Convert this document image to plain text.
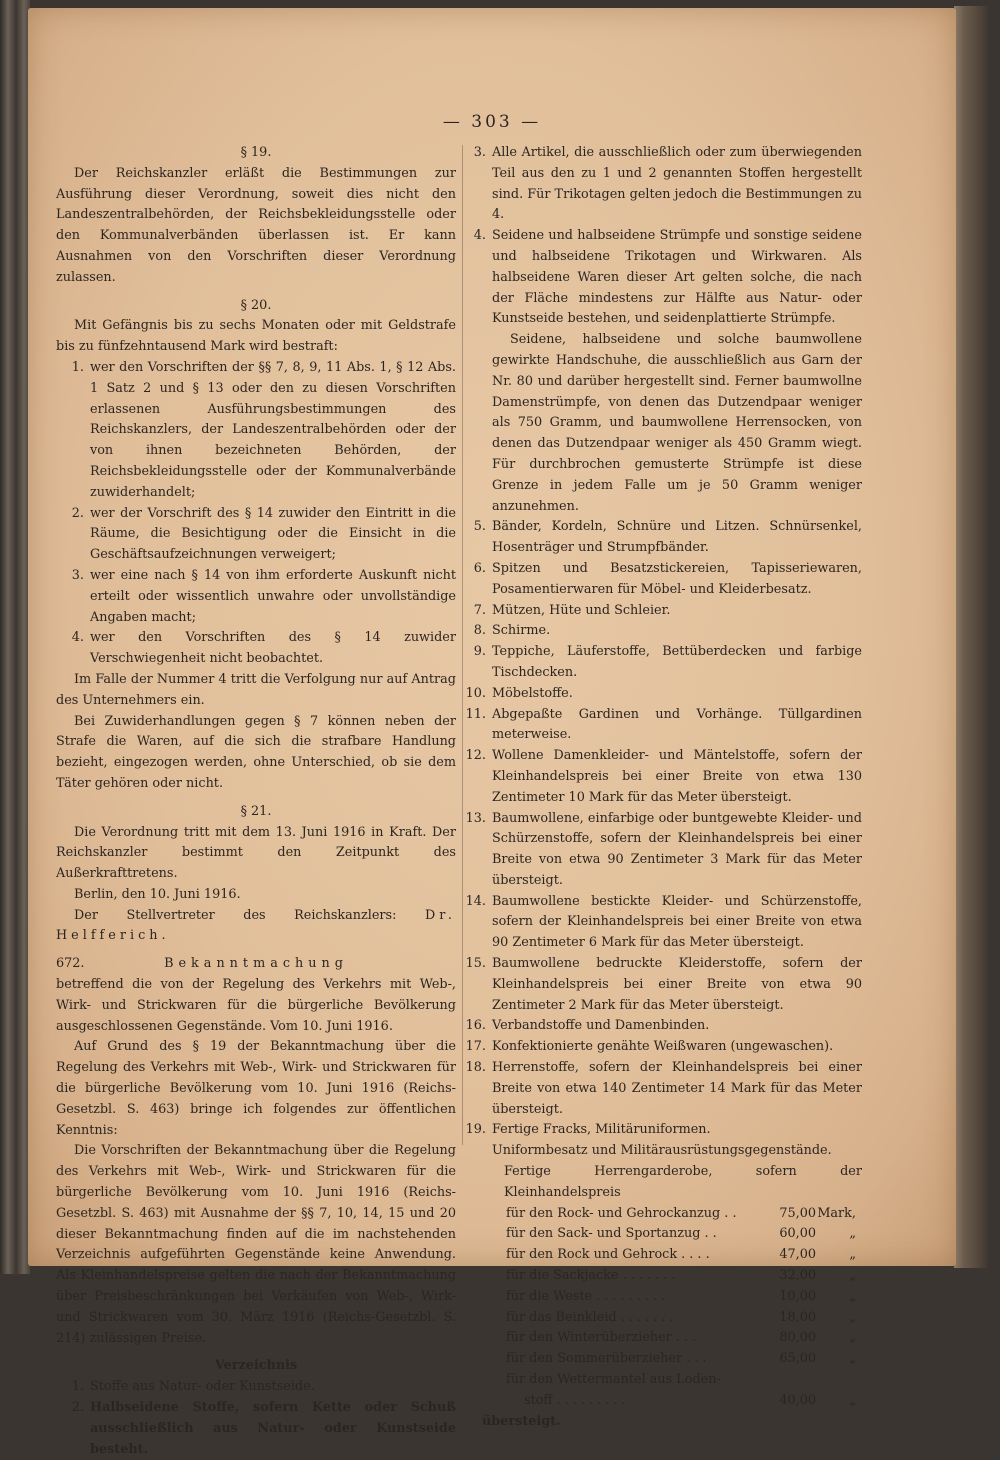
— 303 —

§ 19.

Der Reichskanzler erläßt die Bestimmungen zur Ausführung dieser Verordnung, soweit dies nicht den Landeszentralbehörden, der Reichsbekleidungsstelle oder den Kommunalverbänden überlassen ist. Er kann Ausnahmen von den Vorschriften dieser Verordnung zulassen.

§ 20.

Mit Gefängnis bis zu sechs Monaten oder mit Geldstrafe bis zu fünfzehntausend Mark wird bestraft:

1. wer den Vorschriften der §§ 7, 8, 9, 11 Abs. 1, § 12 Abs. 1 Satz 2 und § 13 oder den zu diesen Vorschriften erlassenen Ausführungsbestimmungen des Reichskanzlers, der Landeszentralbehörden oder der von ihnen bezeichneten Behörden, der Reichsbekleidungsstelle oder der Kommunalverbände zuwiderhandelt;
2. wer der Vorschrift des § 14 zuwider den Eintritt in die Räume, die Besichtigung oder die Einsicht in die Geschäftsaufzeichnungen verweigert;
3. wer eine nach § 14 von ihm erforderte Auskunft nicht erteilt oder wissentlich unwahre oder unvollständige Angaben macht;
4. wer den Vorschriften des § 14 zuwider Verschwiegenheit nicht beobachtet.

Im Falle der Nummer 4 tritt die Verfolgung nur auf Antrag des Unternehmers ein.

Bei Zuwiderhandlungen gegen § 7 können neben der Strafe die Waren, auf die sich die strafbare Handlung bezieht, eingezogen werden, ohne Unterschied, ob sie dem Täter gehören oder nicht.

§ 21.

Die Verordnung tritt mit dem 13. Juni 1916 in Kraft. Der Reichskanzler bestimmt den Zeitpunkt des Außerkrafttretens.

Berlin, den 10. Juni 1916.

Der Stellvertreter des Reichskanzlers: Dr. Helfferich.

672.	Bekanntmachung

betreffend die von der Regelung des Verkehrs mit Web-, Wirk- und Strickwaren für die bürgerliche Bevölkerung ausgeschlossenen Gegenstände. Vom 10. Juni 1916.

Auf Grund des § 19 der Bekanntmachung über die Regelung des Verkehrs mit Web-, Wirk- und Strickwaren für die bürgerliche Bevölkerung vom 10. Juni 1916 (Reichs-Gesetzbl. S. 463) bringe ich folgendes zur öffentlichen Kenntnis:

Die Vorschriften der Bekanntmachung über die Regelung des Verkehrs mit Web-, Wirk- und Strickwaren für die bürgerliche Bevölkerung vom 10. Juni 1916 (Reichs-Gesetzbl. S. 463) mit Ausnahme der §§ 7, 10, 14, 15 und 20 dieser Bekanntmachung finden auf die im nachstehenden Verzeichnis aufgeführten Gegenstände keine Anwendung. Als Kleinhandelspreise gelten die nach der Bekanntmachung über Preisbeschränkungen bei Verkäufen von Web-, Wirk- und Strickwaren vom 30. März 1916 (Reichs-Gesetzbl. S. 214) zulässigen Preise.

Verzeichnis

1. Stoffe aus Natur- oder Kunstseide.
2. Halbseidene Stoffe, sofern Kette oder Schuß ausschließlich aus Natur- oder Kunstseide besteht.
3. Alle Artikel, die ausschließlich oder zum überwiegenden Teil aus den zu 1 und 2 genannten Stoffen hergestellt sind. Für Trikotagen gelten jedoch die Bestimmungen zu 4.
4. Seidene und halbseidene Strümpfe und sonstige seidene und halbseidene Trikotagen und Wirkwaren. Als halbseidene Waren dieser Art gelten solche, die nach der Fläche mindestens zur Hälfte aus Natur- oder Kunstseide bestehen, und seidenplattierte Strümpfe.
Seidene, halbseidene und solche baumwollene gewirkte Handschuhe, die ausschließlich aus Garn der Nr. 80 und darüber hergestellt sind. Ferner baumwollne Damenstrümpfe, von denen das Dutzendpaar weniger als 750 Gramm, und baumwollene Herrensocken, von denen das Dutzendpaar weniger als 450 Gramm wiegt. Für durchbrochen gemusterte Strümpfe ist diese Grenze in jedem Falle um je 50 Gramm weniger anzunehmen.
5. Bänder, Kordeln, Schnüre und Litzen. Schnürsenkel, Hosenträger und Strumpfbänder.
6. Spitzen und Besatzstickereien, Tapisseriewaren, Posamentierwaren für Möbel- und Kleiderbesatz.
7. Mützen, Hüte und Schleier.
8. Schirme.
9. Teppiche, Läuferstoffe, Bettüberdecken und farbige Tischdecken.
10. Möbelstoffe.
11. Abgepaßte Gardinen und Vorhänge. Tüllgardinen meterweise.
12. Wollene Damenkleider- und Mäntelstoffe, sofern der Kleinhandelspreis bei einer Breite von etwa 130 Zentimeter 10 Mark für das Meter übersteigt.
13. Baumwollene, einfarbige oder buntgewebte Kleider- und Schürzenstoffe, sofern der Kleinhandelspreis bei einer Breite von etwa 90 Zentimeter 3 Mark für das Meter übersteigt.
14. Baumwollene bestickte Kleider- und Schürzenstoffe, sofern der Kleinhandelspreis bei einer Breite von etwa 90 Zentimeter 6 Mark für das Meter übersteigt.
15. Baumwollene bedruckte Kleiderstoffe, sofern der Kleinhandelspreis bei einer Breite von etwa 90 Zentimeter 2 Mark für das Meter übersteigt.
16. Verbandstoffe und Damenbinden.
17. Konfektionierte genähte Weißwaren (ungewaschen).
18. Herrenstoffe, sofern der Kleinhandelspreis bei einer Breite von etwa 140 Zentimeter 14 Mark für das Meter übersteigt.
19. Fertige Fracks, Militäruniformen.
Uniformbesatz und Militärausrüstungsgegenstände.
Fertige Herrengarderobe, sofern der Kleinhandelspreis
für den Rock- und Gehrockanzug . .	75,00 Mark,
für den Sack- und Sportanzug . .	60,00	„
für den Rock und Gehrock . . . .	47,00	„
für die Sackjacke . . . . . . .	32,00	„
für die Weste . . . . . . . . .	10,00	„
für das Beinkleid . . . . . . .	18,00	„
für den Winterüberzieher . . .	80,00	„
für den Sommerüberzieher . . .	65,00	„
für den Wettermantel aus Loden-
stoff . . . . . . . . .	40,00	„

übersteigt.
